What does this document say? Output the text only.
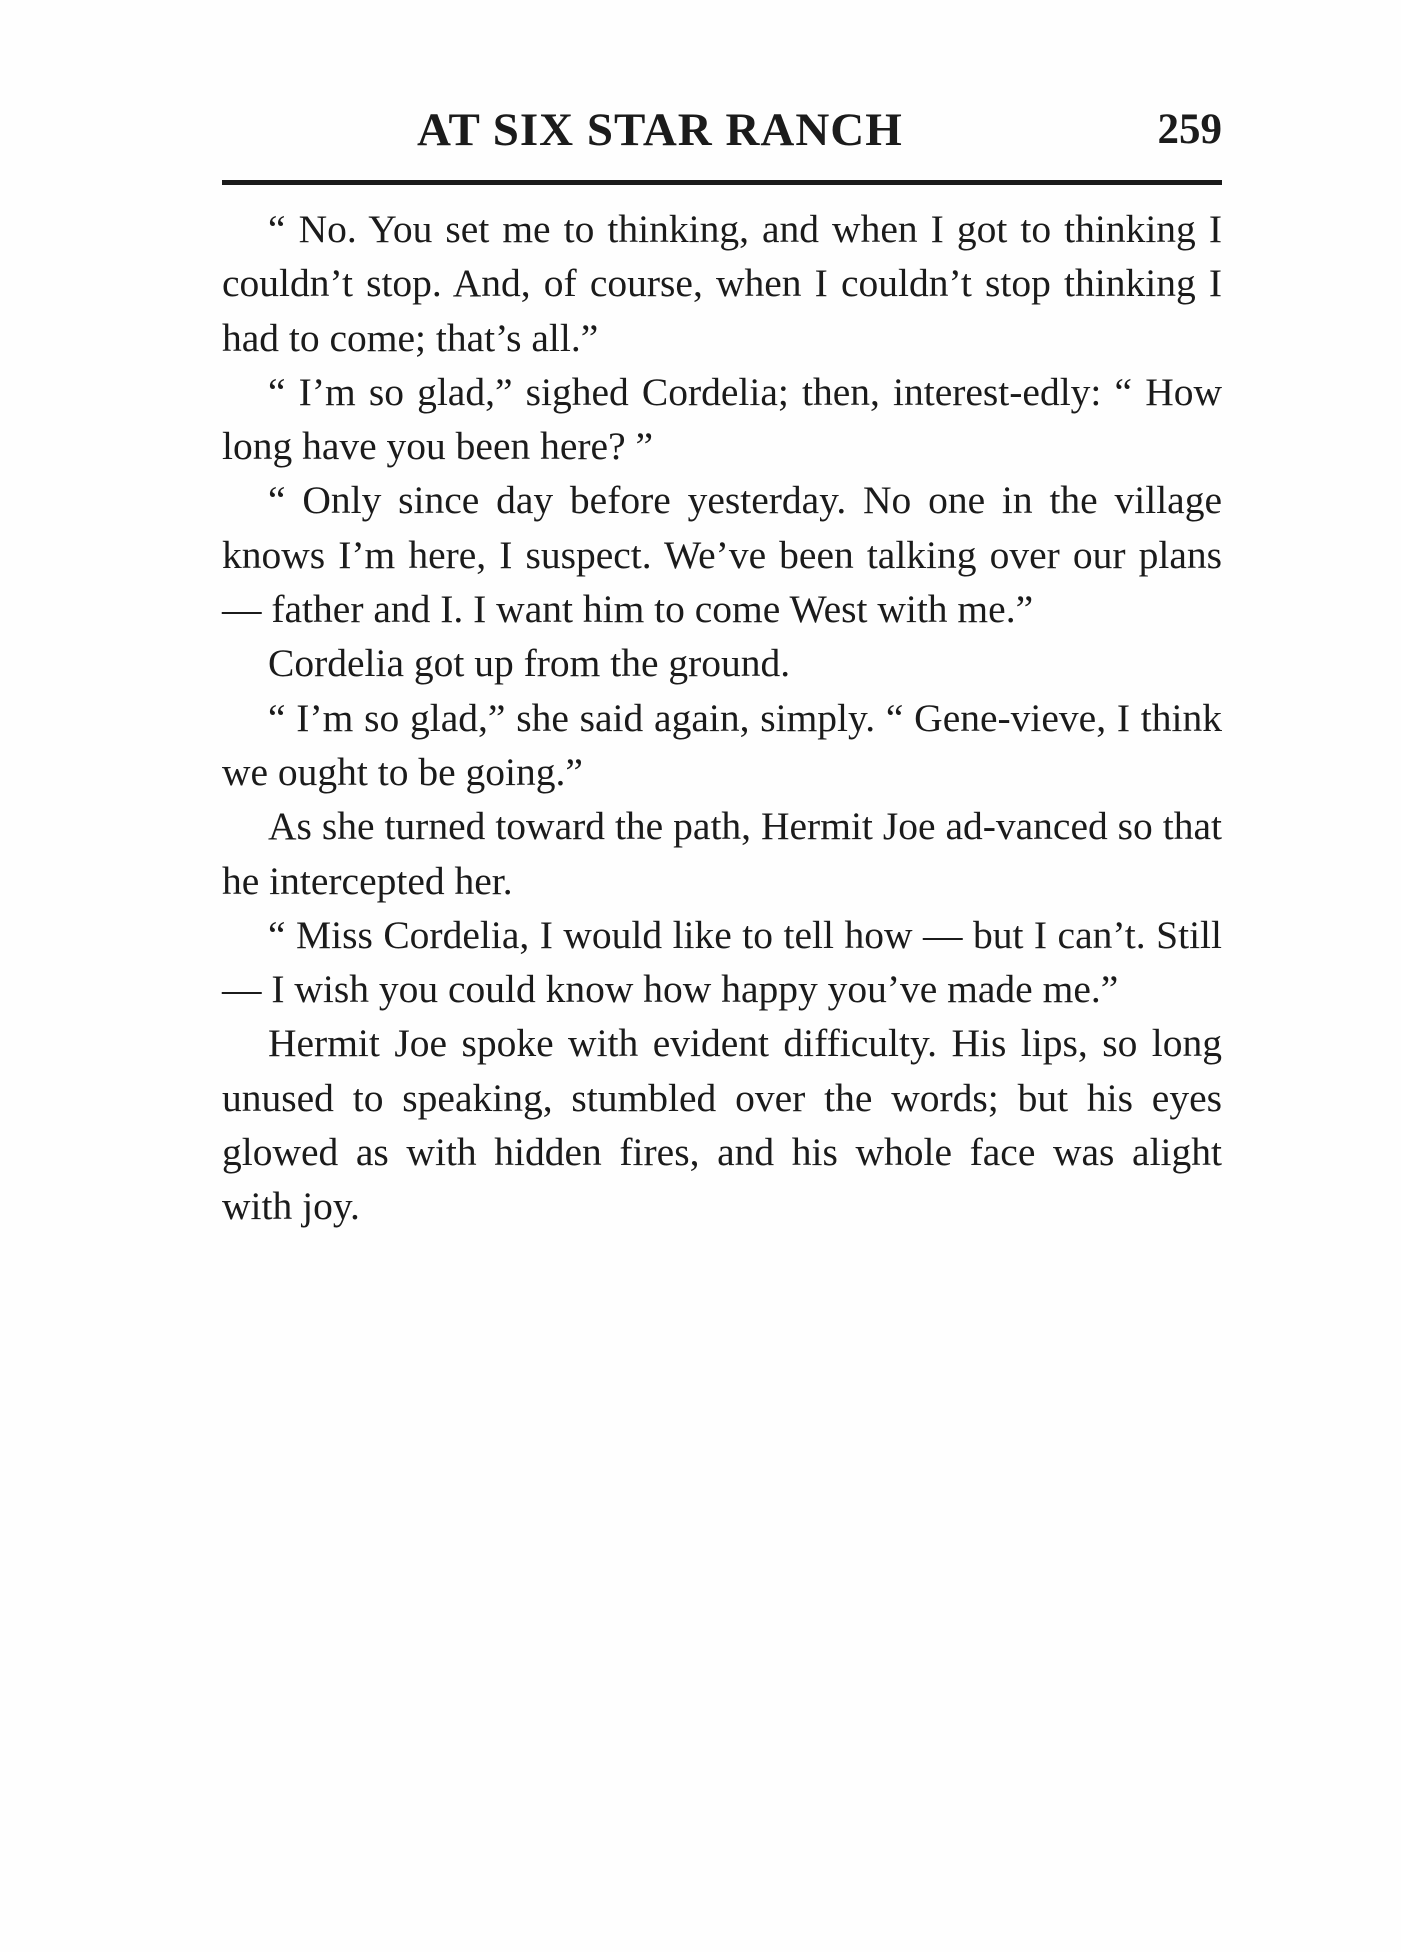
AT SIX STAR RANCH	259

“ No. You set me to thinking, and when I got to thinking I couldn’t stop. And, of course, when I couldn’t stop thinking I had to come; that’s all.”

“ I’m so glad,” sighed Cordelia; then, interest-edly: “ How long have you been here? ”

“ Only since day before yesterday. No one in the village knows I’m here, I suspect. We’ve been talking over our plans — father and I. I want him to come West with me.”

Cordelia got up from the ground.

“ I’m so glad,” she said again, simply. “ Gene-vieve, I think we ought to be going.”

As she turned toward the path, Hermit Joe ad-vanced so that he intercepted her.

“ Miss Cordelia, I would like to tell how — but I can’t. Still — I wish you could know how happy you’ve made me.”

Hermit Joe spoke with evident difficulty. His lips, so long unused to speaking, stumbled over the words; but his eyes glowed as with hidden fires, and his whole face was alight with joy.
